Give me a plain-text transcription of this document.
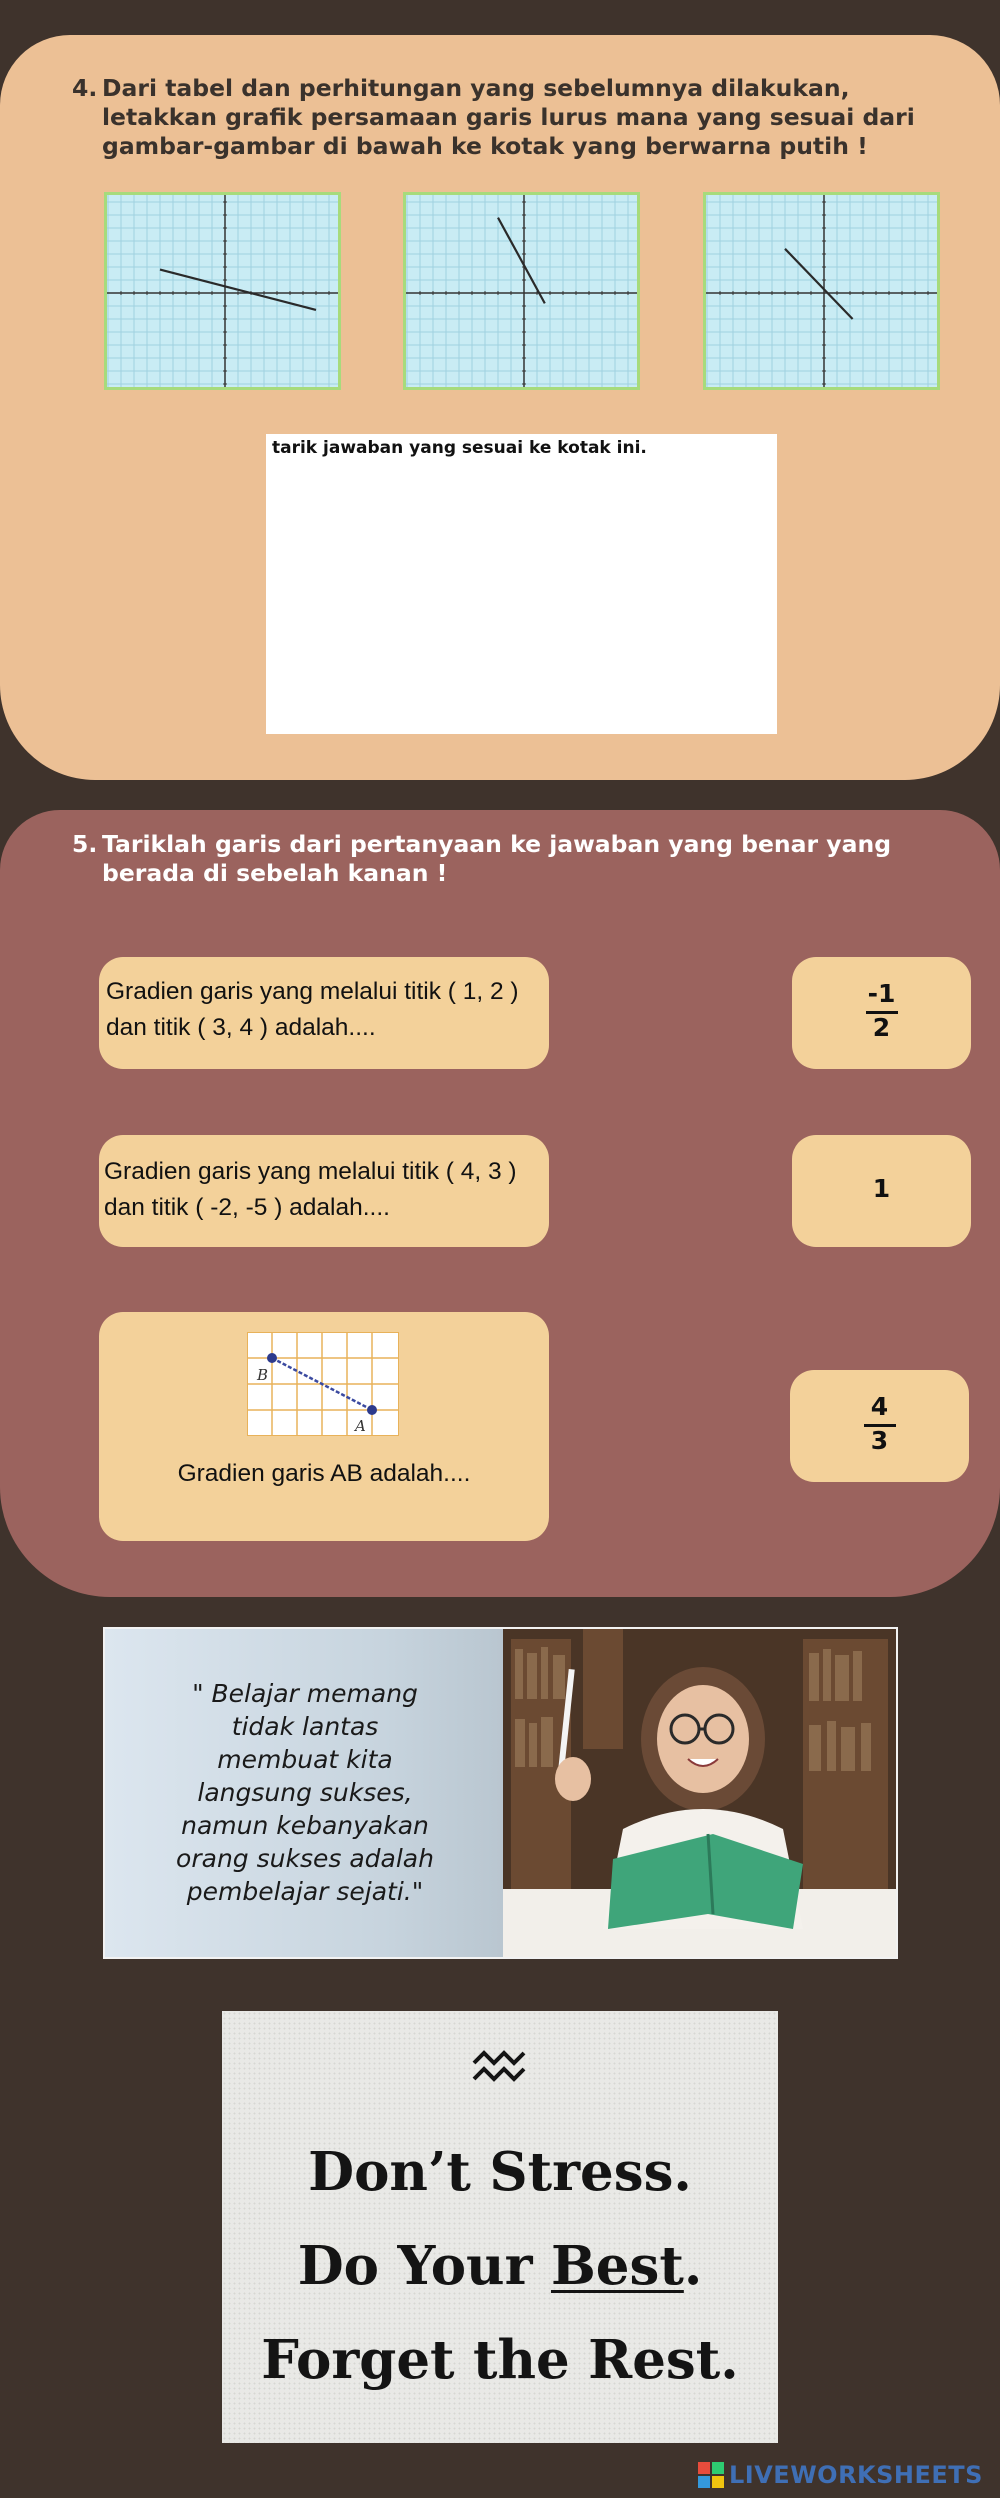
4. Dari tabel dan perhitungan yang sebelumnya dilakukan, letakkan grafik persamaan garis lurus mana yang sesuai dari gambar-gambar di bawah ke kotak yang berwarna putih !
tarik jawaban yang sesuai ke kotak ini.
5. Tariklah garis dari pertanyaan ke jawaban yang benar yang berada di sebelah kanan !
Gradien garis yang melalui titik ( 1, 2 )
dan titik ( 3, 4 ) adalah....
Gradien garis yang melalui titik ( 4, 3 )
dan titik ( -2, -5 ) adalah....
B
A
Gradien garis AB adalah....
-1
2
1
4
3
" Belajar memang
tidak lantas
membuat kita
langsung sukses,
namun kebanyakan
orang sukses adalah
pembelajar sejati."
Don’t Stress.
Do Your Best.
Forget the Rest.
LIVEWORKSHEETS
